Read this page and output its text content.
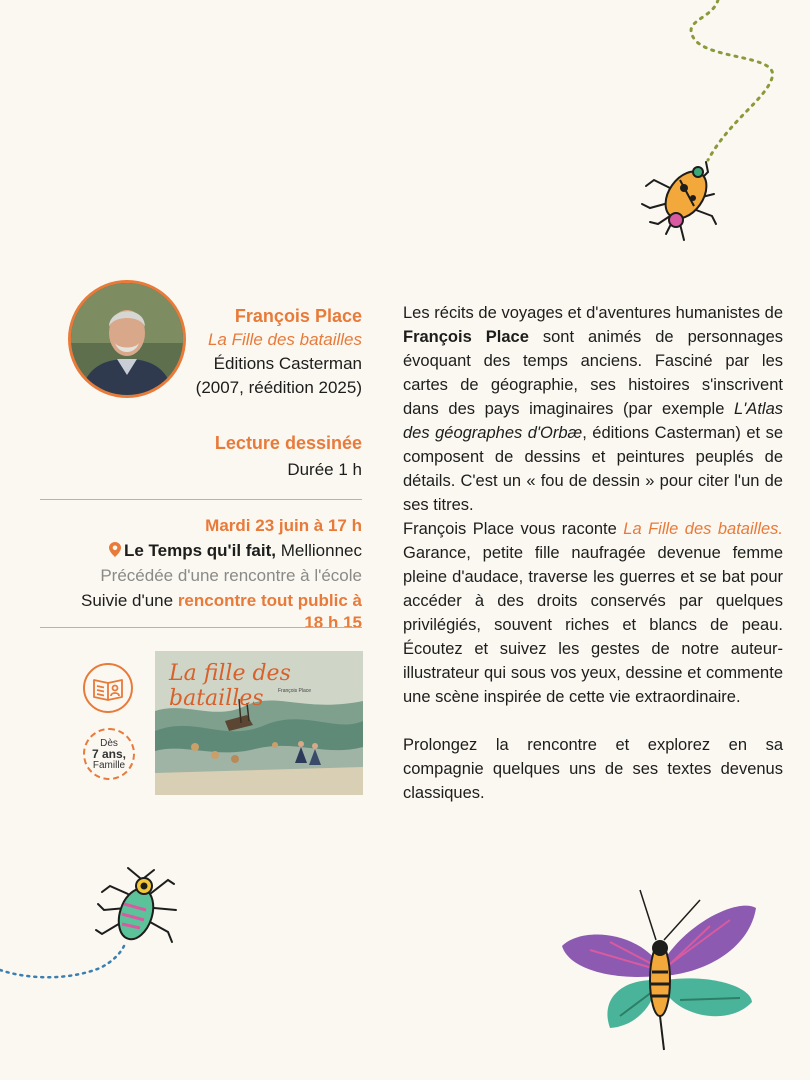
François Place
La Fille des batailles
Éditions Casterman
(2007, réédition 2025)
Lecture dessinée
Durée 1 h
Mardi 23 juin à 17 h
Le Temps qu'il fait, Mellionnec
Précédée d'une rencontre à l'école
Suivie d'une rencontre tout public à 18 h 15
Dès
7 ans,
Famille
La fille des batailles	François Place

Les récits de voyages et d'aventures humanistes de François Place sont animés de personnages évoquant des temps anciens. Fasciné par les cartes de géographie, ses histoires s'inscrivent dans des pays imaginaires (par exemple L'Atlas des géographes d'Orbæ, éditions Casterman) et se composent de dessins et peintures peuplés de détails. C'est un « fou de dessin » pour citer l'un de ses titres.

François Place vous raconte La Fille des batailles. Garance, petite fille naufragée devenue femme pleine d'audace, traverse les guerres et se bat pour accéder à des droits conservés par quelques privilégiés, souvent riches et blancs de peau. Écoutez et suivez les gestes de notre auteur-illustrateur qui sous vos yeux, dessine et commente une scène inspirée de cette vie extraordinaire.

Prolongez la rencontre et explorez en sa compagnie quelques uns de ses textes devenus classiques.
